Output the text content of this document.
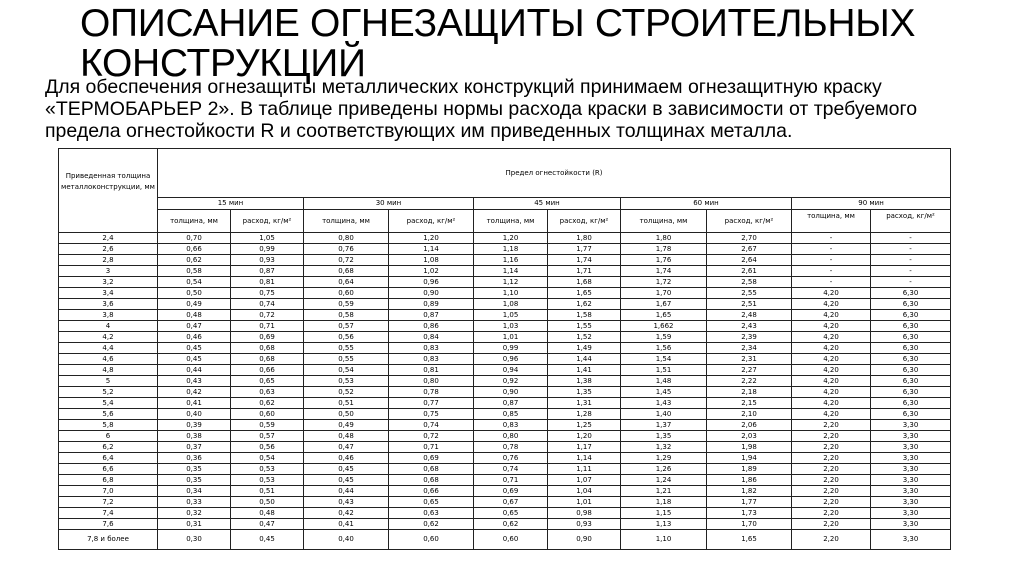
ОПИСАНИЕ ОГНЕЗАЩИТЫ СТРОИТЕЛЬНЫХ КОНСТРУКЦИЙ

Для обеспечения огнезащиты металлических конструкций принимаем огнезащитную краску «ТЕРМОБАРЬЕР 2». В таблице приведены нормы расхода краски в зависимости от требуемого предела огнестойкости R и соответствующих им приведенных толщинах металла.

Приведенная толщина металлоконструкции, мм	Предел огнестойкости (R)									
	15 мин		30 мин		45 мин		60 мин		90 мин	
	толщина, мм	расход, кг/м²	толщина, мм	расход, кг/м²	толщина, мм	расход, кг/м²	толщина, мм	расход, кг/м²	толщина, мм	расход, кг/м²
2,4	0,70	1,05	0,80	1,20	1,20	1,80	1,80	2,70	-	-
2,6	0,66	0,99	0,76	1,14	1,18	1,77	1,78	2,67	-	-
2,8	0,62	0,93	0,72	1,08	1,16	1,74	1,76	2,64	-	-
3	0,58	0,87	0,68	1,02	1,14	1,71	1,74	2,61	-	-
3,2	0,54	0,81	0,64	0,96	1,12	1,68	1,72	2,58	-	-
3,4	0,50	0,75	0,60	0,90	1,10	1,65	1,70	2,55	4,20	6,30
3,6	0,49	0,74	0,59	0,89	1,08	1,62	1,67	2,51	4,20	6,30
3,8	0,48	0,72	0,58	0,87	1,05	1,58	1,65	2,48	4,20	6,30
4	0,47	0,71	0,57	0,86	1,03	1,55	1,662	2,43	4,20	6,30
4,2	0,46	0,69	0,56	0,84	1,01	1,52	1,59	2,39	4,20	6,30
4,4	0,45	0,68	0,55	0,83	0,99	1,49	1,56	2,34	4,20	6,30
4,6	0,45	0,68	0,55	0,83	0,96	1,44	1,54	2,31	4,20	6,30
4,8	0,44	0,66	0,54	0,81	0,94	1,41	1,51	2,27	4,20	6,30
5	0,43	0,65	0,53	0,80	0,92	1,38	1,48	2,22	4,20	6,30
5,2	0,42	0,63	0,52	0,78	0,90	1,35	1,45	2,18	4,20	6,30
5,4	0,41	0,62	0,51	0,77	0,87	1,31	1,43	2,15	4,20	6,30
5,6	0,40	0,60	0,50	0,75	0,85	1,28	1,40	2,10	4,20	6,30
5,8	0,39	0,59	0,49	0,74	0,83	1,25	1,37	2,06	2,20	3,30
6	0,38	0,57	0,48	0,72	0,80	1,20	1,35	2,03	2,20	3,30
6,2	0,37	0,56	0,47	0,71	0,78	1,17	1,32	1,98	2,20	3,30
6,4	0,36	0,54	0,46	0,69	0,76	1,14	1,29	1,94	2,20	3,30
6,6	0,35	0,53	0,45	0,68	0,74	1,11	1,26	1,89	2,20	3,30
6,8	0,35	0,53	0,45	0,68	0,71	1,07	1,24	1,86	2,20	3,30
7,0	0,34	0,51	0,44	0,66	0,69	1,04	1,21	1,82	2,20	3,30
7,2	0,33	0,50	0,43	0,65	0,67	1,01	1,18	1,77	2,20	3,30
7,4	0,32	0,48	0,42	0,63	0,65	0,98	1,15	1,73	2,20	3,30
7,6	0,31	0,47	0,41	0,62	0,62	0,93	1,13	1,70	2,20	3,30
7,8 и более	0,30	0,45	0,40	0,60	0,60	0,90	1,10	1,65	2,20	3,30
